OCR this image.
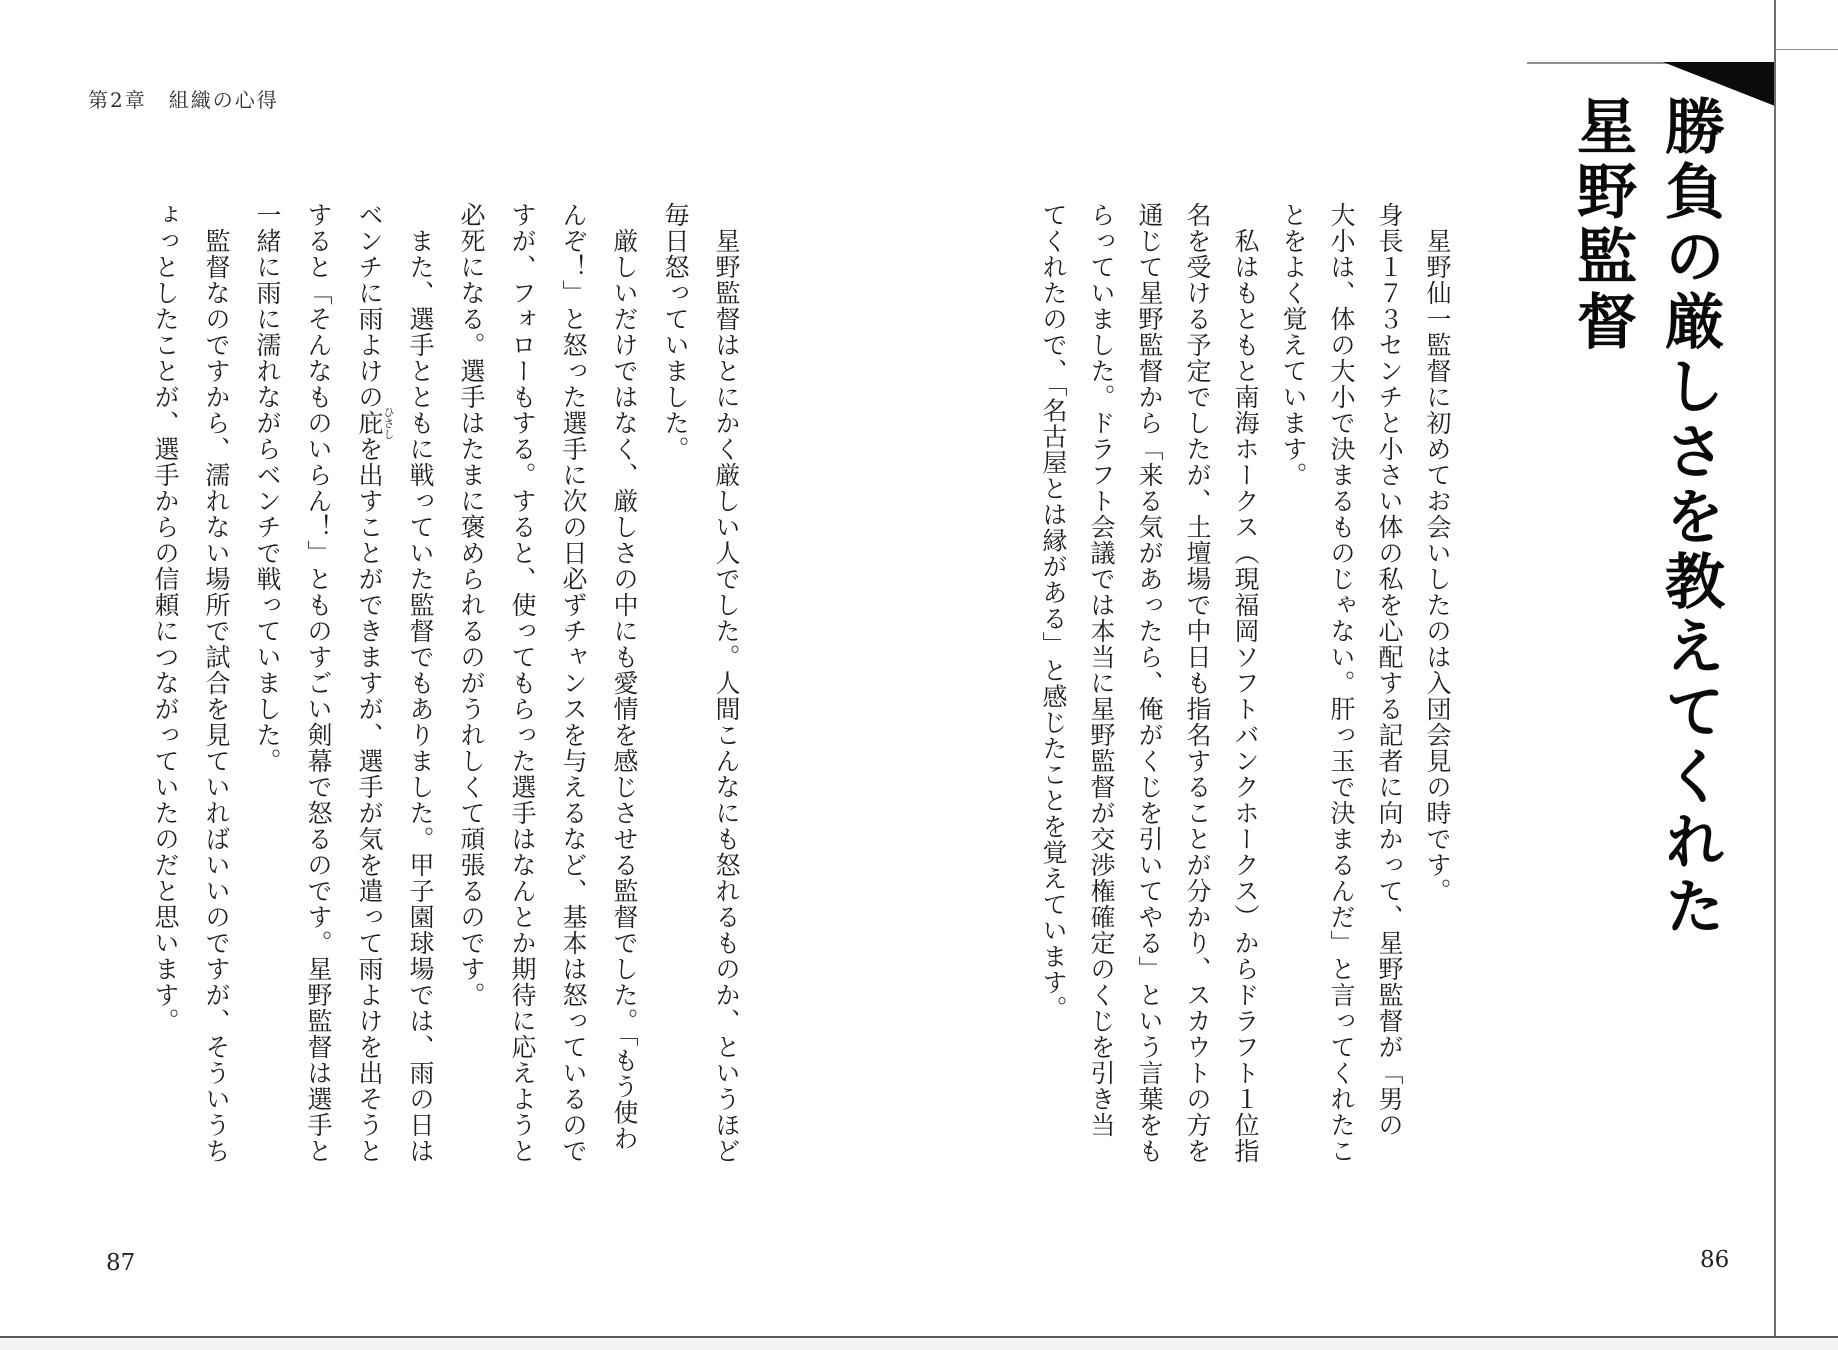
第2章　組織の心得	勝負の厳しさを教えてくれた

星野監督

　星野仙一監督に初めてお会いしたのは入団会見の時です。

身長１７３センチと小さい体の私を心配する記者に向かって、星野監督が「男の

大小は、体の大小で決まるものじゃない。肝っ玉で決まるんだ」と言ってくれたこ

とをよく覚えています。

　私はもともと南海ホークス（現福岡ソフトバンクホークス）からドラフト１位指

名を受ける予定でしたが、土壇場で中日も指名することが分かり、スカウトの方を

通じて星野監督から「来る気があったら、俺がくじを引いてやる」という言葉をも

らっていました。ドラフト会議では本当に星野監督が交渉権確定のくじを引き当

てくれたので、「名古屋とは縁がある」と感じたことを覚えています。

　星野監督はとにかく厳しい人でした。人間こんなにも怒れるものか、というほど

毎日怒っていました。

　厳しいだけではなく、厳しさの中にも愛情を感じさせる監督でした。「もう使わ

んぞ！」と怒った選手に次の日必ずチャンスを与えるなど、基本は怒っているので

すが、フォローもする。すると、使ってもらった選手はなんとか期待に応えようと

必死になる。選手はたまに褒められるのがうれしくて頑張るのです。

　また、選手とともに戦っていた監督でもありました。甲子園球場では、雨の日は

ベンチに雨よけの庇ひさしを出すことができますが、選手が気を遣って雨よけを出そうと

すると「そんなものいらん！」とものすごい剣幕で怒るのです。星野監督は選手と

一緒に雨に濡れながらベンチで戦っていました。

　監督なのですから、濡れない場所で試合を見ていればいいのですが、そういうち

ょっとしたことが、選手からの信頼につながっていたのだと思います。

87	86
